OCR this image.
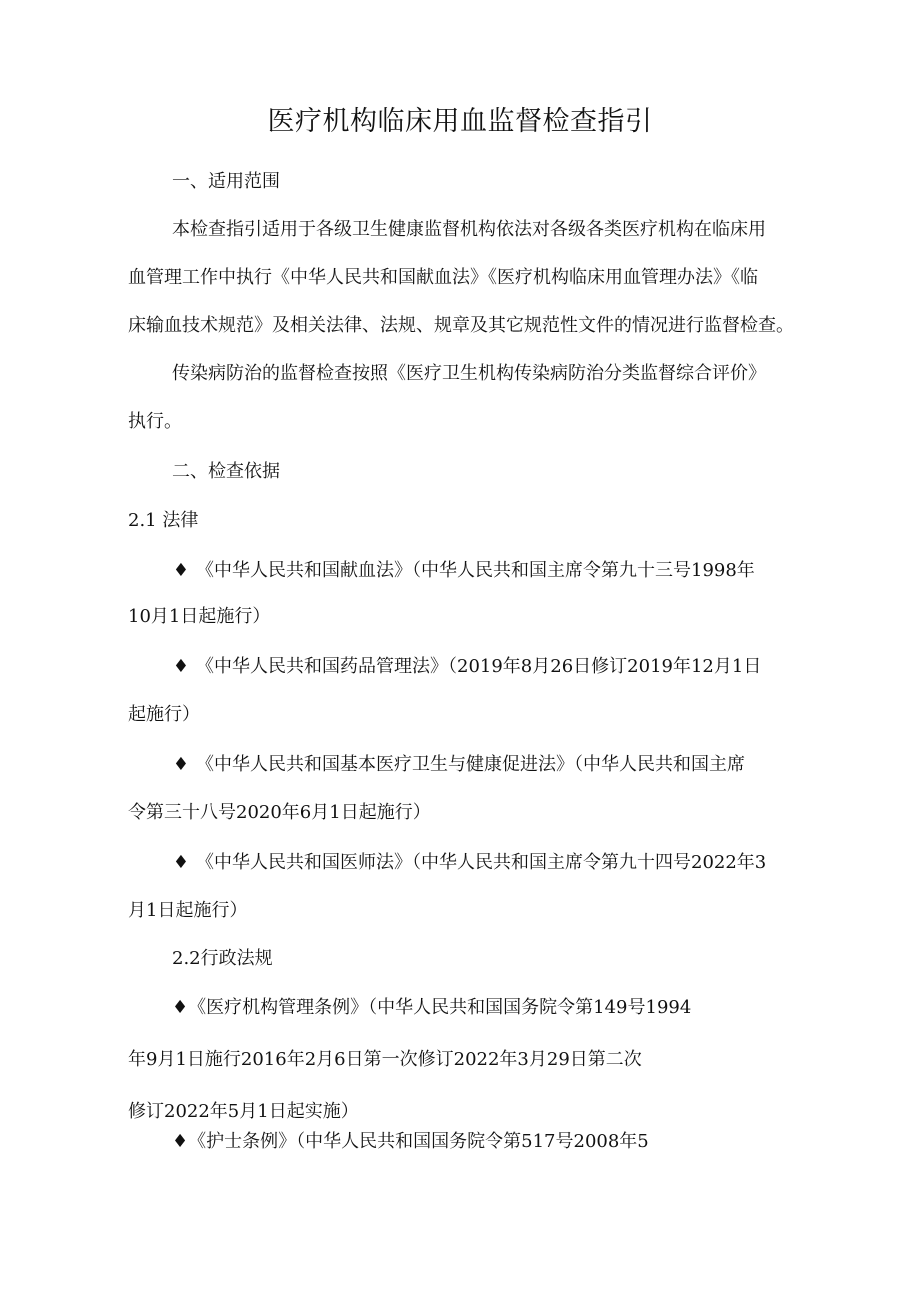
医疗机构临床用血监督检查指引
一、适用范围
本检查指引适用于各级卫生健康监督机构依法对各级各类医疗机构在临床用
血管理工作中执行《中华人民共和国献血法》《医疗机构临床用血管理办法》《临
床输血技术规范》及相关法律、法规、规章及其它规范性文件的情况进行监督检查。
传染病防治的监督检查按照《医疗卫生机构传染病防治分类监督综合评价》
执行。
二、检查依据
2.1 法律
♦ 《中华人民共和国献血法》（中华人民共和国主席令第九十三号1998年
10月1日起施行）
♦ 《中华人民共和国药品管理法》（2019年8月26日修订2019年12月1日
起施行）
♦ 《中华人民共和国基本医疗卫生与健康促进法》（中华人民共和国主席
令第三十八号2020年6月1日起施行）
♦ 《中华人民共和国医师法》（中华人民共和国主席令第九十四号2022年3
月1日起施行）
2.2行政法规
♦《医疗机构管理条例》（中华人民共和国国务院令第149号1994
年9月1日施行2016年2月6日第一次修订2022年3月29日第二次
修订2022年5月1日起实施）
♦《护士条例》（中华人民共和国国务院令第517号2008年5
